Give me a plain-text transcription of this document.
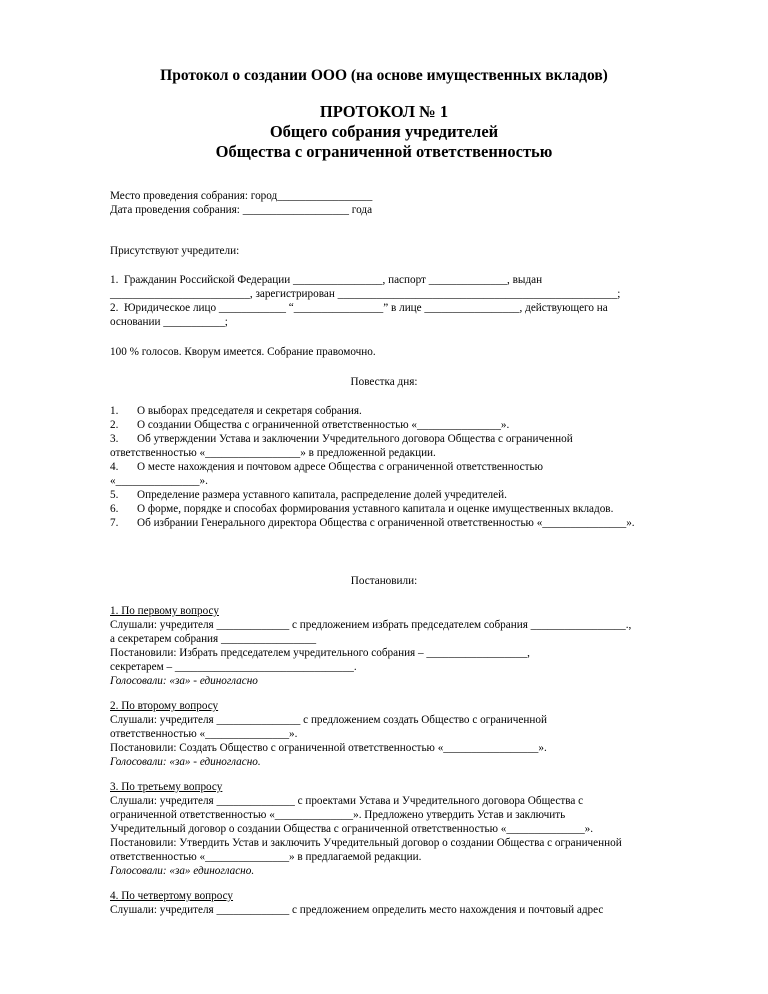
Протокол о создании ООО (на основе имущественных вкладов)
ПРОТОКОЛ № 1
Общего собрания учредителей
Общества с ограниченной ответственностью
Место проведения собрания: город_________________
Дата проведения собрания: ___________________ года
Присутствуют учредители:
1.  Гражданин Российской Федерации ________________, паспорт ______________, выдан
_________________________, зарегистрирован __________________________________________________;
2.  Юридическое лицо ____________ “________________” в лице _________________, действующего на
основании ___________;
100 % голосов. Кворум имеется. Собрание правомочно.
Повестка дня:
1. О выборах председателя и секретаря собрания.
2. О создании Общества с ограниченной ответственностью «_______________».
3. Об утверждении Устава и заключении Учредительного договора Общества с ограниченной
ответственностью «_________________» в предложенной редакции.
4. О месте нахождения и почтовом адресе Общества с ограниченной ответственностью
«_______________».
5. Определение размера уставного капитала, распределение долей учредителей.
6. О форме, порядке и способах формирования уставного капитала и оценке имущественных вкладов.
7. Об избрании Генерального директора Общества с ограниченной ответственностью «_______________».
Постановили:
1. По первому вопросу
Слушали: учредителя _____________ с предложением избрать председателем собрания _________________.,
а секретарем собрания _________________
Постановили: Избрать председателем учредительного собрания – __________________,
секретарем – ________________________________.
Голосовали: «за» - единогласно
2. По второму вопросу
Слушали: учредителя _______________ с предложением создать Общество с ограниченной
ответственностью «_______________».
Постановили: Создать Общество с ограниченной ответственностью «_________________».
Голосовали: «за» - единогласно.
3. По третьему вопросу
Слушали: учредителя ______________ с проектами Устава и Учредительного договора Общества с
ограниченной ответственностью «______________». Предложено утвердить Устав и заключить
Учредительный договор о создании Общества с ограниченной ответственностью «______________».
Постановили: Утвердить Устав и заключить Учредительный договор о создании Общества с ограниченной
ответственностью «_______________» в предлагаемой редакции.
Голосовали: «за» единогласно.
4. По четвертому вопросу
Слушали: учредителя _____________ с предложением определить место нахождения и почтовый адрес
